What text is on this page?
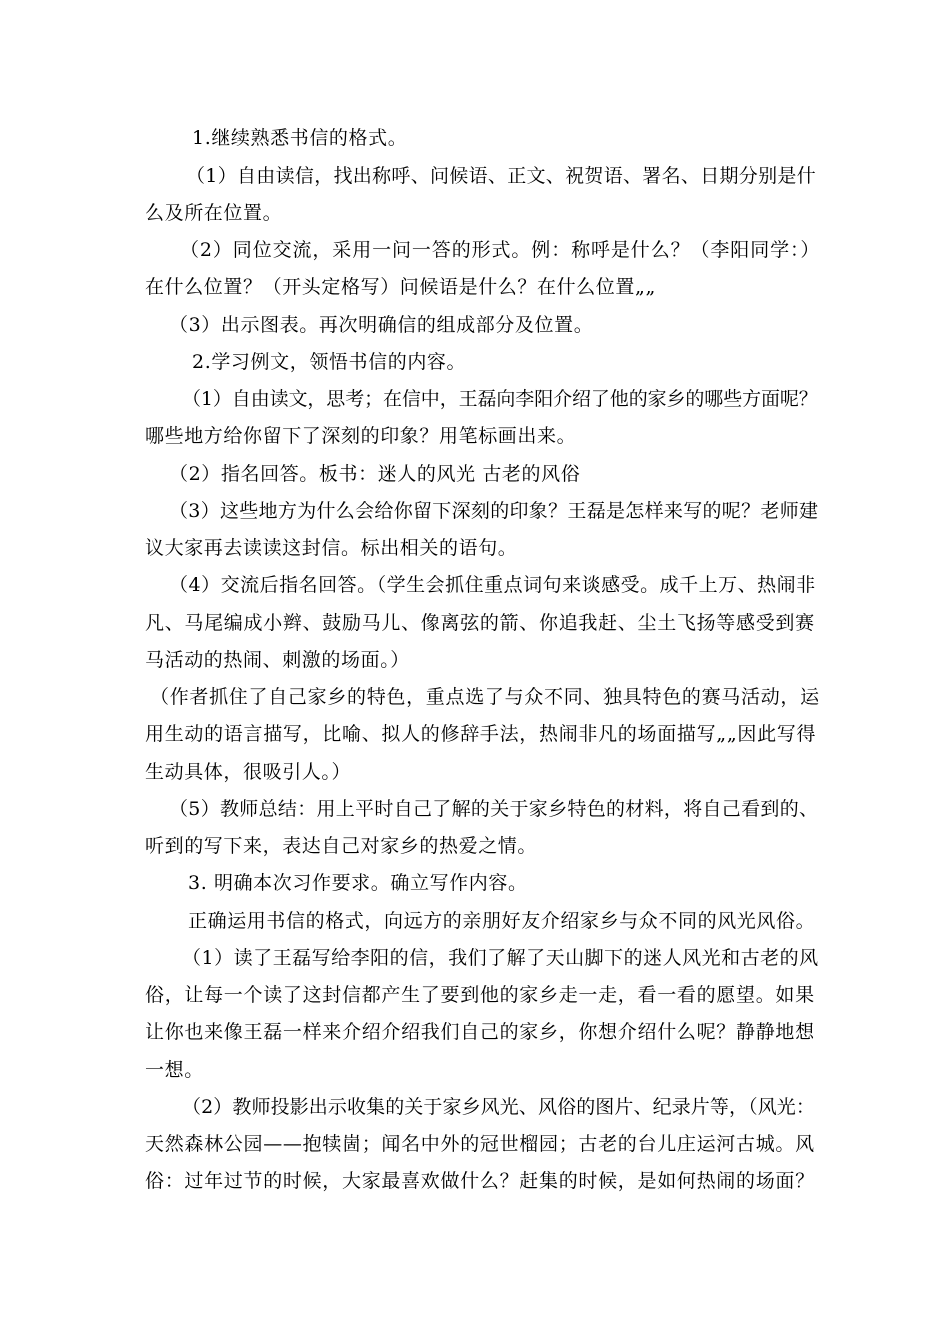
1.继续熟悉书信的格式。
（1）自由读信，找出称呼、问候语、正文、祝贺语、署名、日期分别是什
么及所在位置。
（2）同位交流，采用一问一答的形式。例：称呼是什么？（李阳同学：）
在什么位置？（开头定格写）问候语是什么？在什么位置„„
（3）出示图表。再次明确信的组成部分及位置。
2.学习例文，领悟书信的内容。
（1）自由读文，思考；在信中，王磊向李阳介绍了他的家乡的哪些方面呢？
哪些地方给你留下了深刻的印象？用笔标画出来。
（2）指名回答。板书：迷人的风光 古老的风俗
（3）这些地方为什么会给你留下深刻的印象？王磊是怎样来写的呢？老师建
议大家再去读读这封信。标出相关的语句。
（4）交流后指名回答。（学生会抓住重点词句来谈感受。成千上万、热闹非
凡、马尾编成小辫、鼓励马儿、像离弦的箭、你追我赶、尘土飞扬等感受到赛
马活动的热闹、刺激的场面。）
（作者抓住了自己家乡的特色，重点选了与众不同、独具特色的赛马活动，运
用生动的语言描写，比喻、拟人的修辞手法，热闹非凡的场面描写„„因此写得
生动具体，很吸引人。）
（5）教师总结：用上平时自己了解的关于家乡特色的材料，将自己看到的、
听到的写下来，表达自己对家乡的热爱之情。
3. 明确本次习作要求。确立写作内容。
正确运用书信的格式，向远方的亲朋好友介绍家乡与众不同的风光风俗。
（1）读了王磊写给李阳的信，我们了解了天山脚下的迷人风光和古老的风
俗，让每一个读了这封信都产生了要到他的家乡走一走，看一看的愿望。如果
让你也来像王磊一样来介绍介绍我们自己的家乡，你想介绍什么呢？静静地想
一想。
（2）教师投影出示收集的关于家乡风光、风俗的图片、纪录片等，（风光：
天然森林公园——抱犊崮；闻名中外的冠世榴园；古老的台儿庄运河古城。风
俗：过年过节的时候，大家最喜欢做什么？赶集的时候，是如何热闹的场面？
